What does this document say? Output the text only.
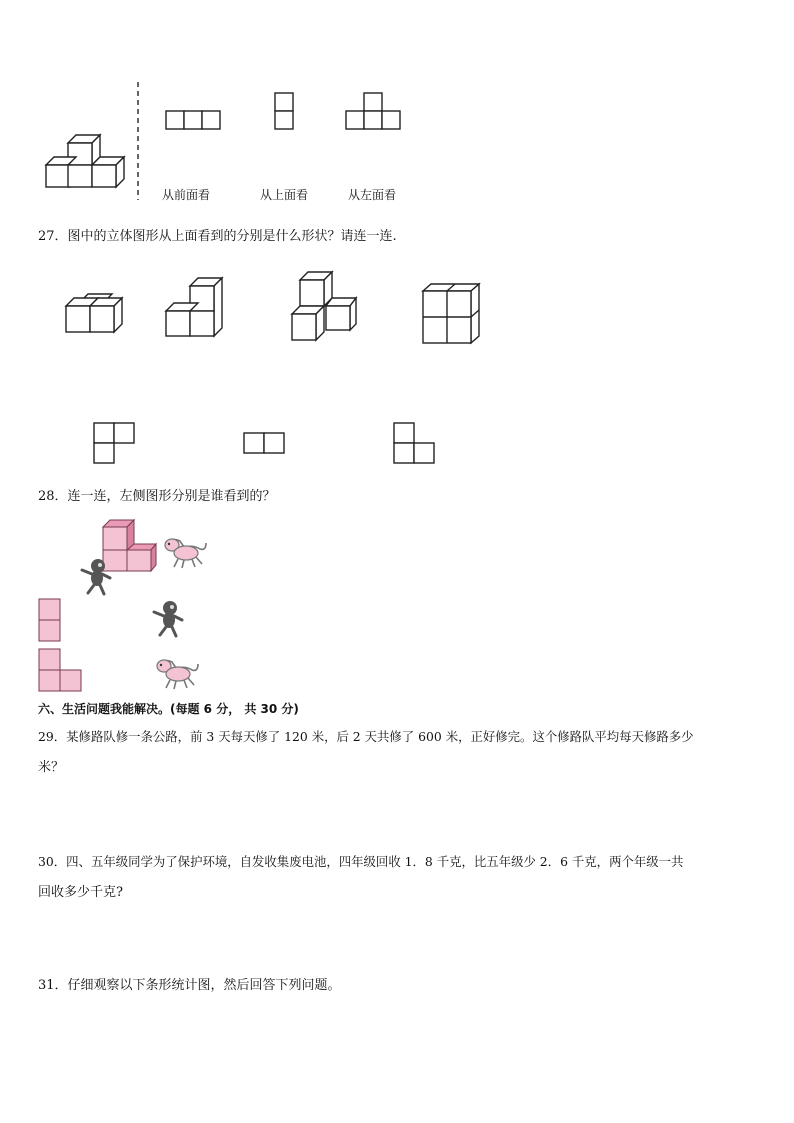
从前面看	从上面看	从左面看
27．图中的立体图形从上面看到的分别是什么形状？请连一连.
28．连一连，左侧图形分别是谁看到的？
六、生活问题我能解决。(每题 6 分， 共 30 分)
29．某修路队修一条公路，前 3 天每天修了 120 米，后 2 天共修了 600 米，正好修完。这个修路队平均每天修路多少
米？
30．四、五年级同学为了保护环境，自发收集废电池，四年级回收 1．8 千克，比五年级少 2．6 千克，两个年级一共
回收多少千克?
31．仔细观察以下条形统计图，然后回答下列问题。
